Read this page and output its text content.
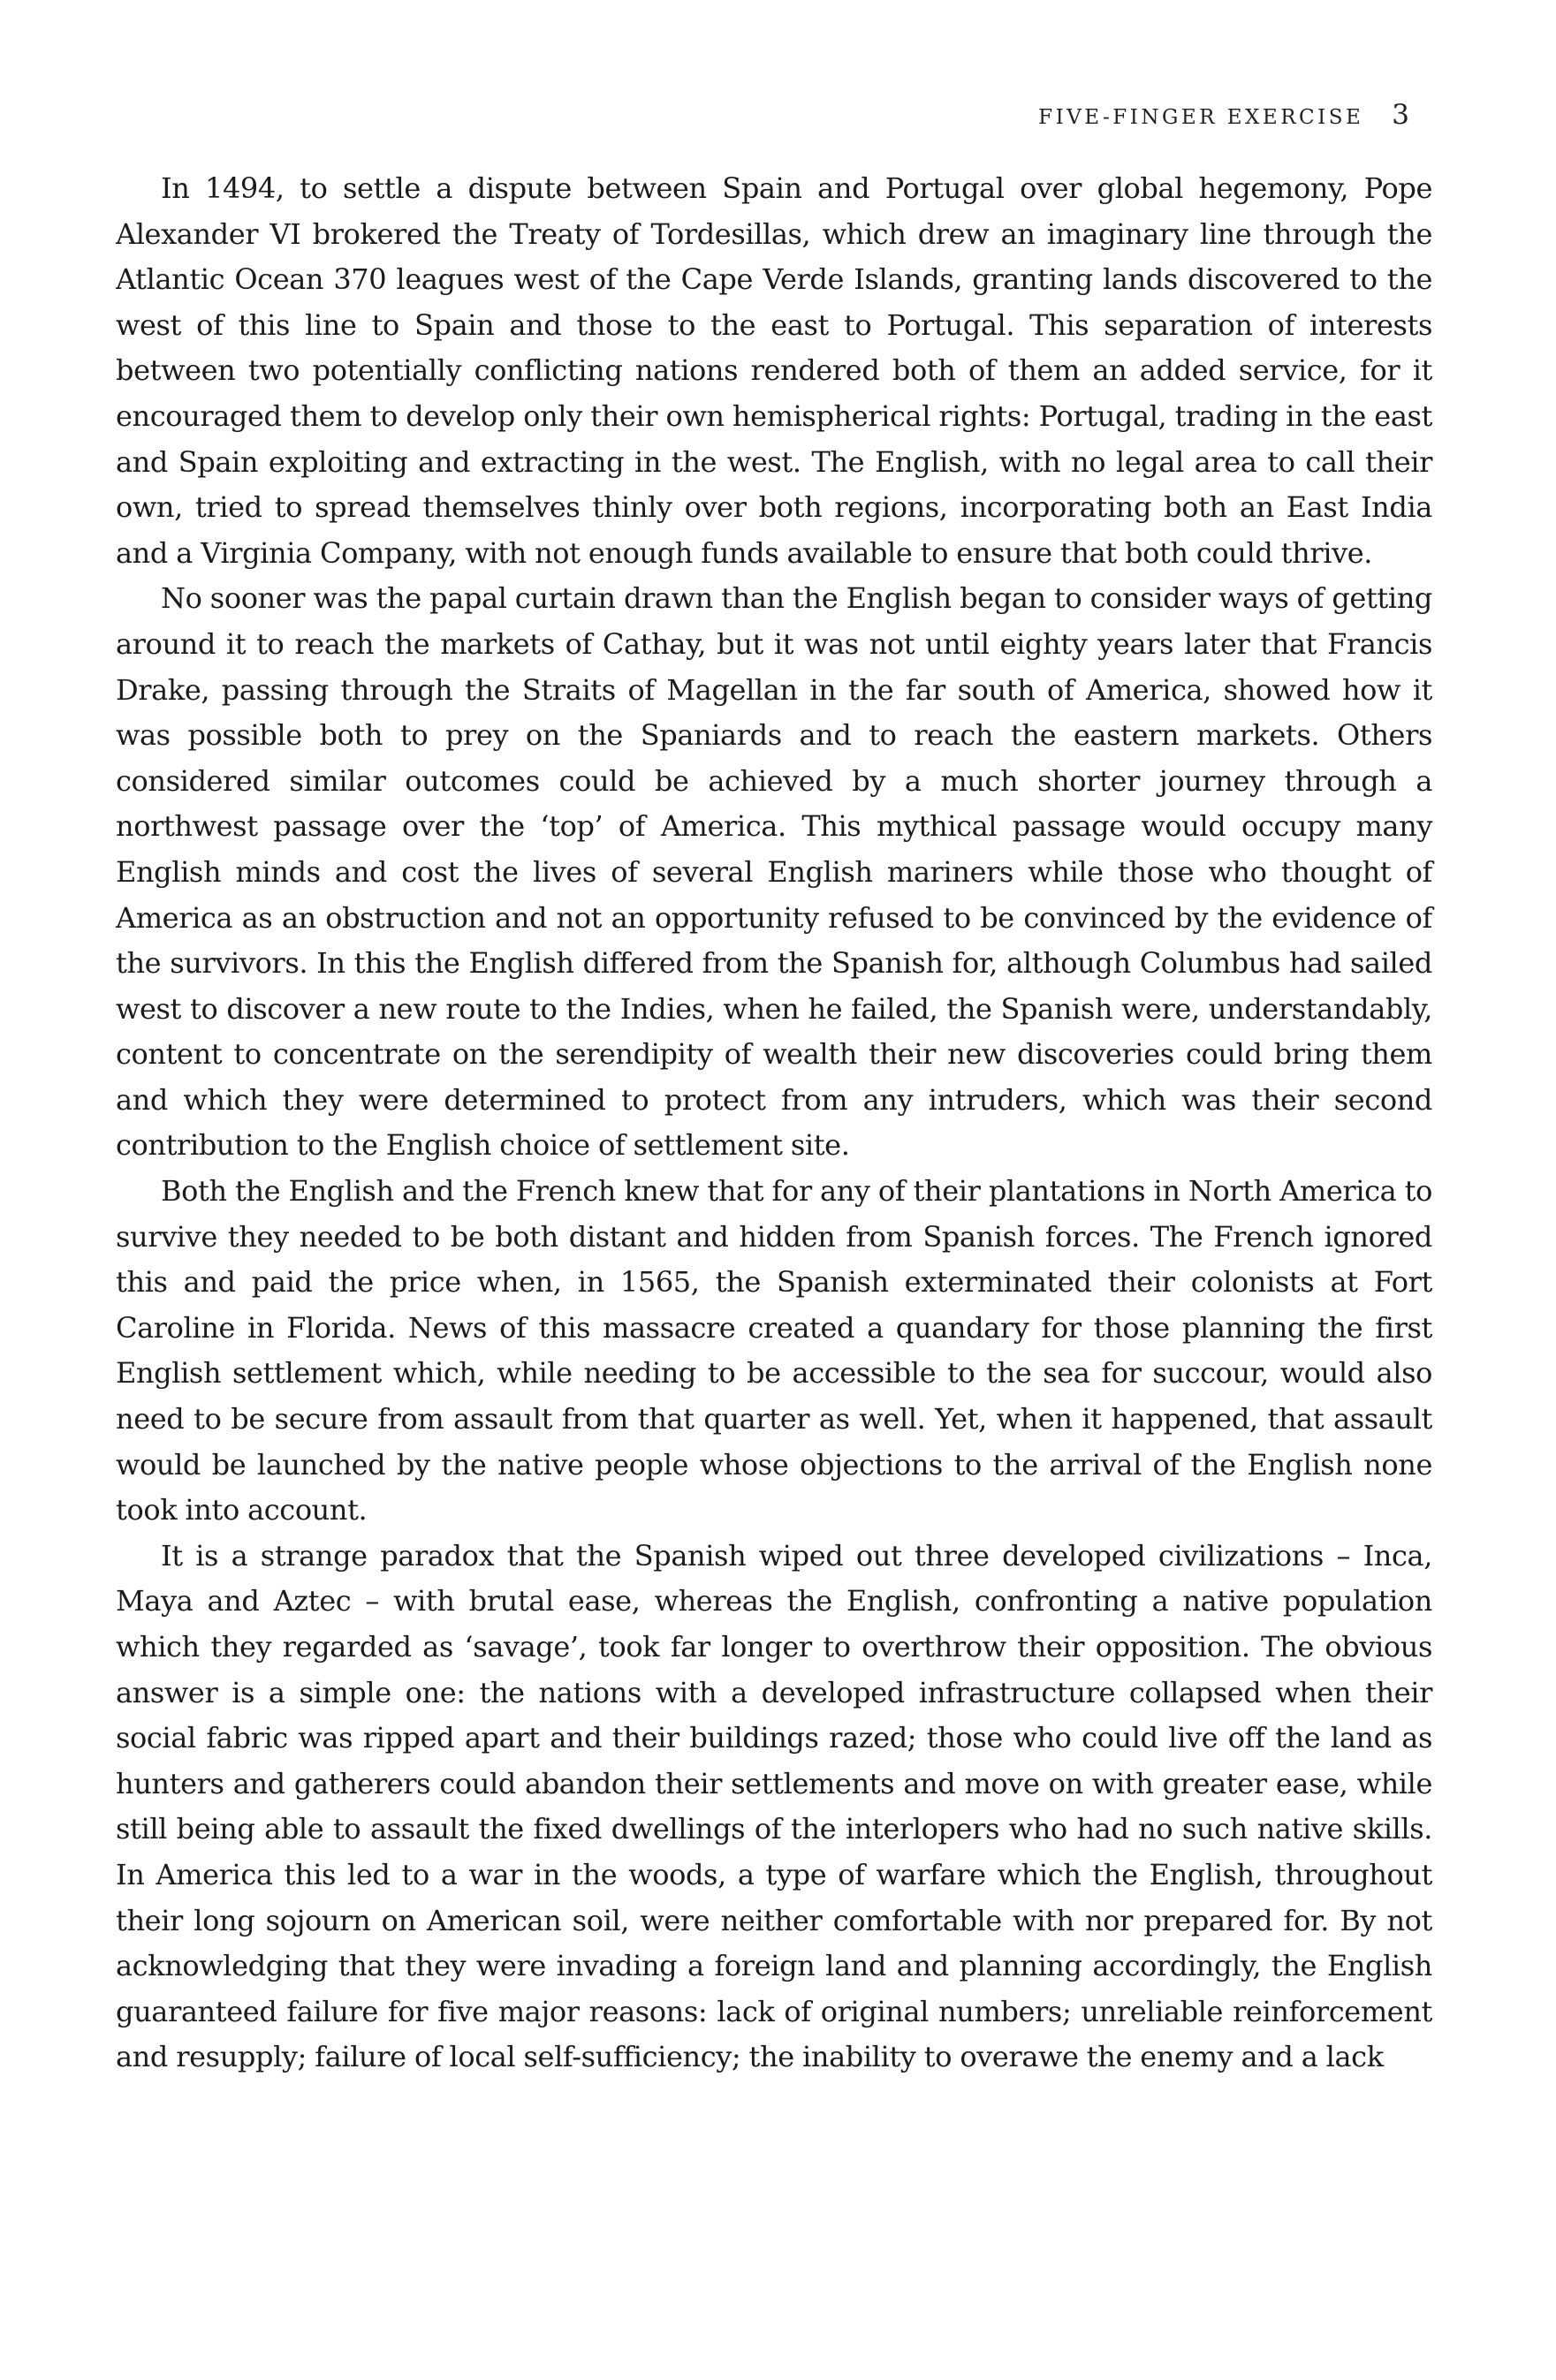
FIVE-FINGER EXERCISE 3

In 1494, to settle a dispute between Spain and Portugal over global hegemony, Pope Alexander VI brokered the Treaty of Tordesillas, which drew an imaginary line through the Atlantic Ocean 370 leagues west of the Cape Verde Islands, granting lands discovered to the west of this line to Spain and those to the east to Portugal. This separation of interests between two potentially conflicting nations rendered both of them an added service, for it encouraged them to develop only their own hemispherical rights: Portugal, trading in the east and Spain exploiting and extracting in the west. The English, with no legal area to call their own, tried to spread themselves thinly over both regions, incorporating both an East India and a Virginia Company, with not enough funds available to ensure that both could thrive.

No sooner was the papal curtain drawn than the English began to consider ways of getting around it to reach the markets of Cathay, but it was not until eighty years later that Francis Drake, passing through the Straits of Magellan in the far south of America, showed how it was possible both to prey on the Spaniards and to reach the eastern markets. Others considered similar outcomes could be achieved by a much shorter journey through a northwest passage over the ‘top’ of America. This mythical passage would occupy many English minds and cost the lives of several English mariners while those who thought of America as an obstruction and not an opportunity refused to be convinced by the evidence of the survivors. In this the English differed from the Spanish for, although Columbus had sailed west to discover a new route to the Indies, when he failed, the Spanish were, understandably, content to concentrate on the serendipity of wealth their new discoveries could bring them and which they were determined to protect from any intruders, which was their second contribution to the English choice of settlement site.

Both the English and the French knew that for any of their plantations in North America to survive they needed to be both distant and hidden from Spanish forces. The French ignored this and paid the price when, in 1565, the Spanish exterminated their colonists at Fort Caroline in Florida. News of this massacre created a quandary for those planning the first English settlement which, while needing to be accessible to the sea for succour, would also need to be secure from assault from that quarter as well. Yet, when it happened, that assault would be launched by the native people whose objections to the arrival of the English none took into account.

It is a strange paradox that the Spanish wiped out three developed civilizations – Inca, Maya and Aztec – with brutal ease, whereas the English, confronting a native population which they regarded as ‘savage’, took far longer to overthrow their opposition. The obvious answer is a simple one: the nations with a developed infrastructure collapsed when their social fabric was ripped apart and their buildings razed; those who could live off the land as hunters and gatherers could abandon their settlements and move on with greater ease, while still being able to assault the fixed dwellings of the interlopers who had no such native skills. In America this led to a war in the woods, a type of warfare which the English, throughout their long sojourn on American soil, were neither comfortable with nor prepared for. By not acknowledging that they were invading a foreign land and planning accordingly, the English guaranteed failure for five major reasons: lack of original numbers; unreliable reinforcement and resupply; failure of local self-sufficiency; the inability to overawe the enemy and a lack
